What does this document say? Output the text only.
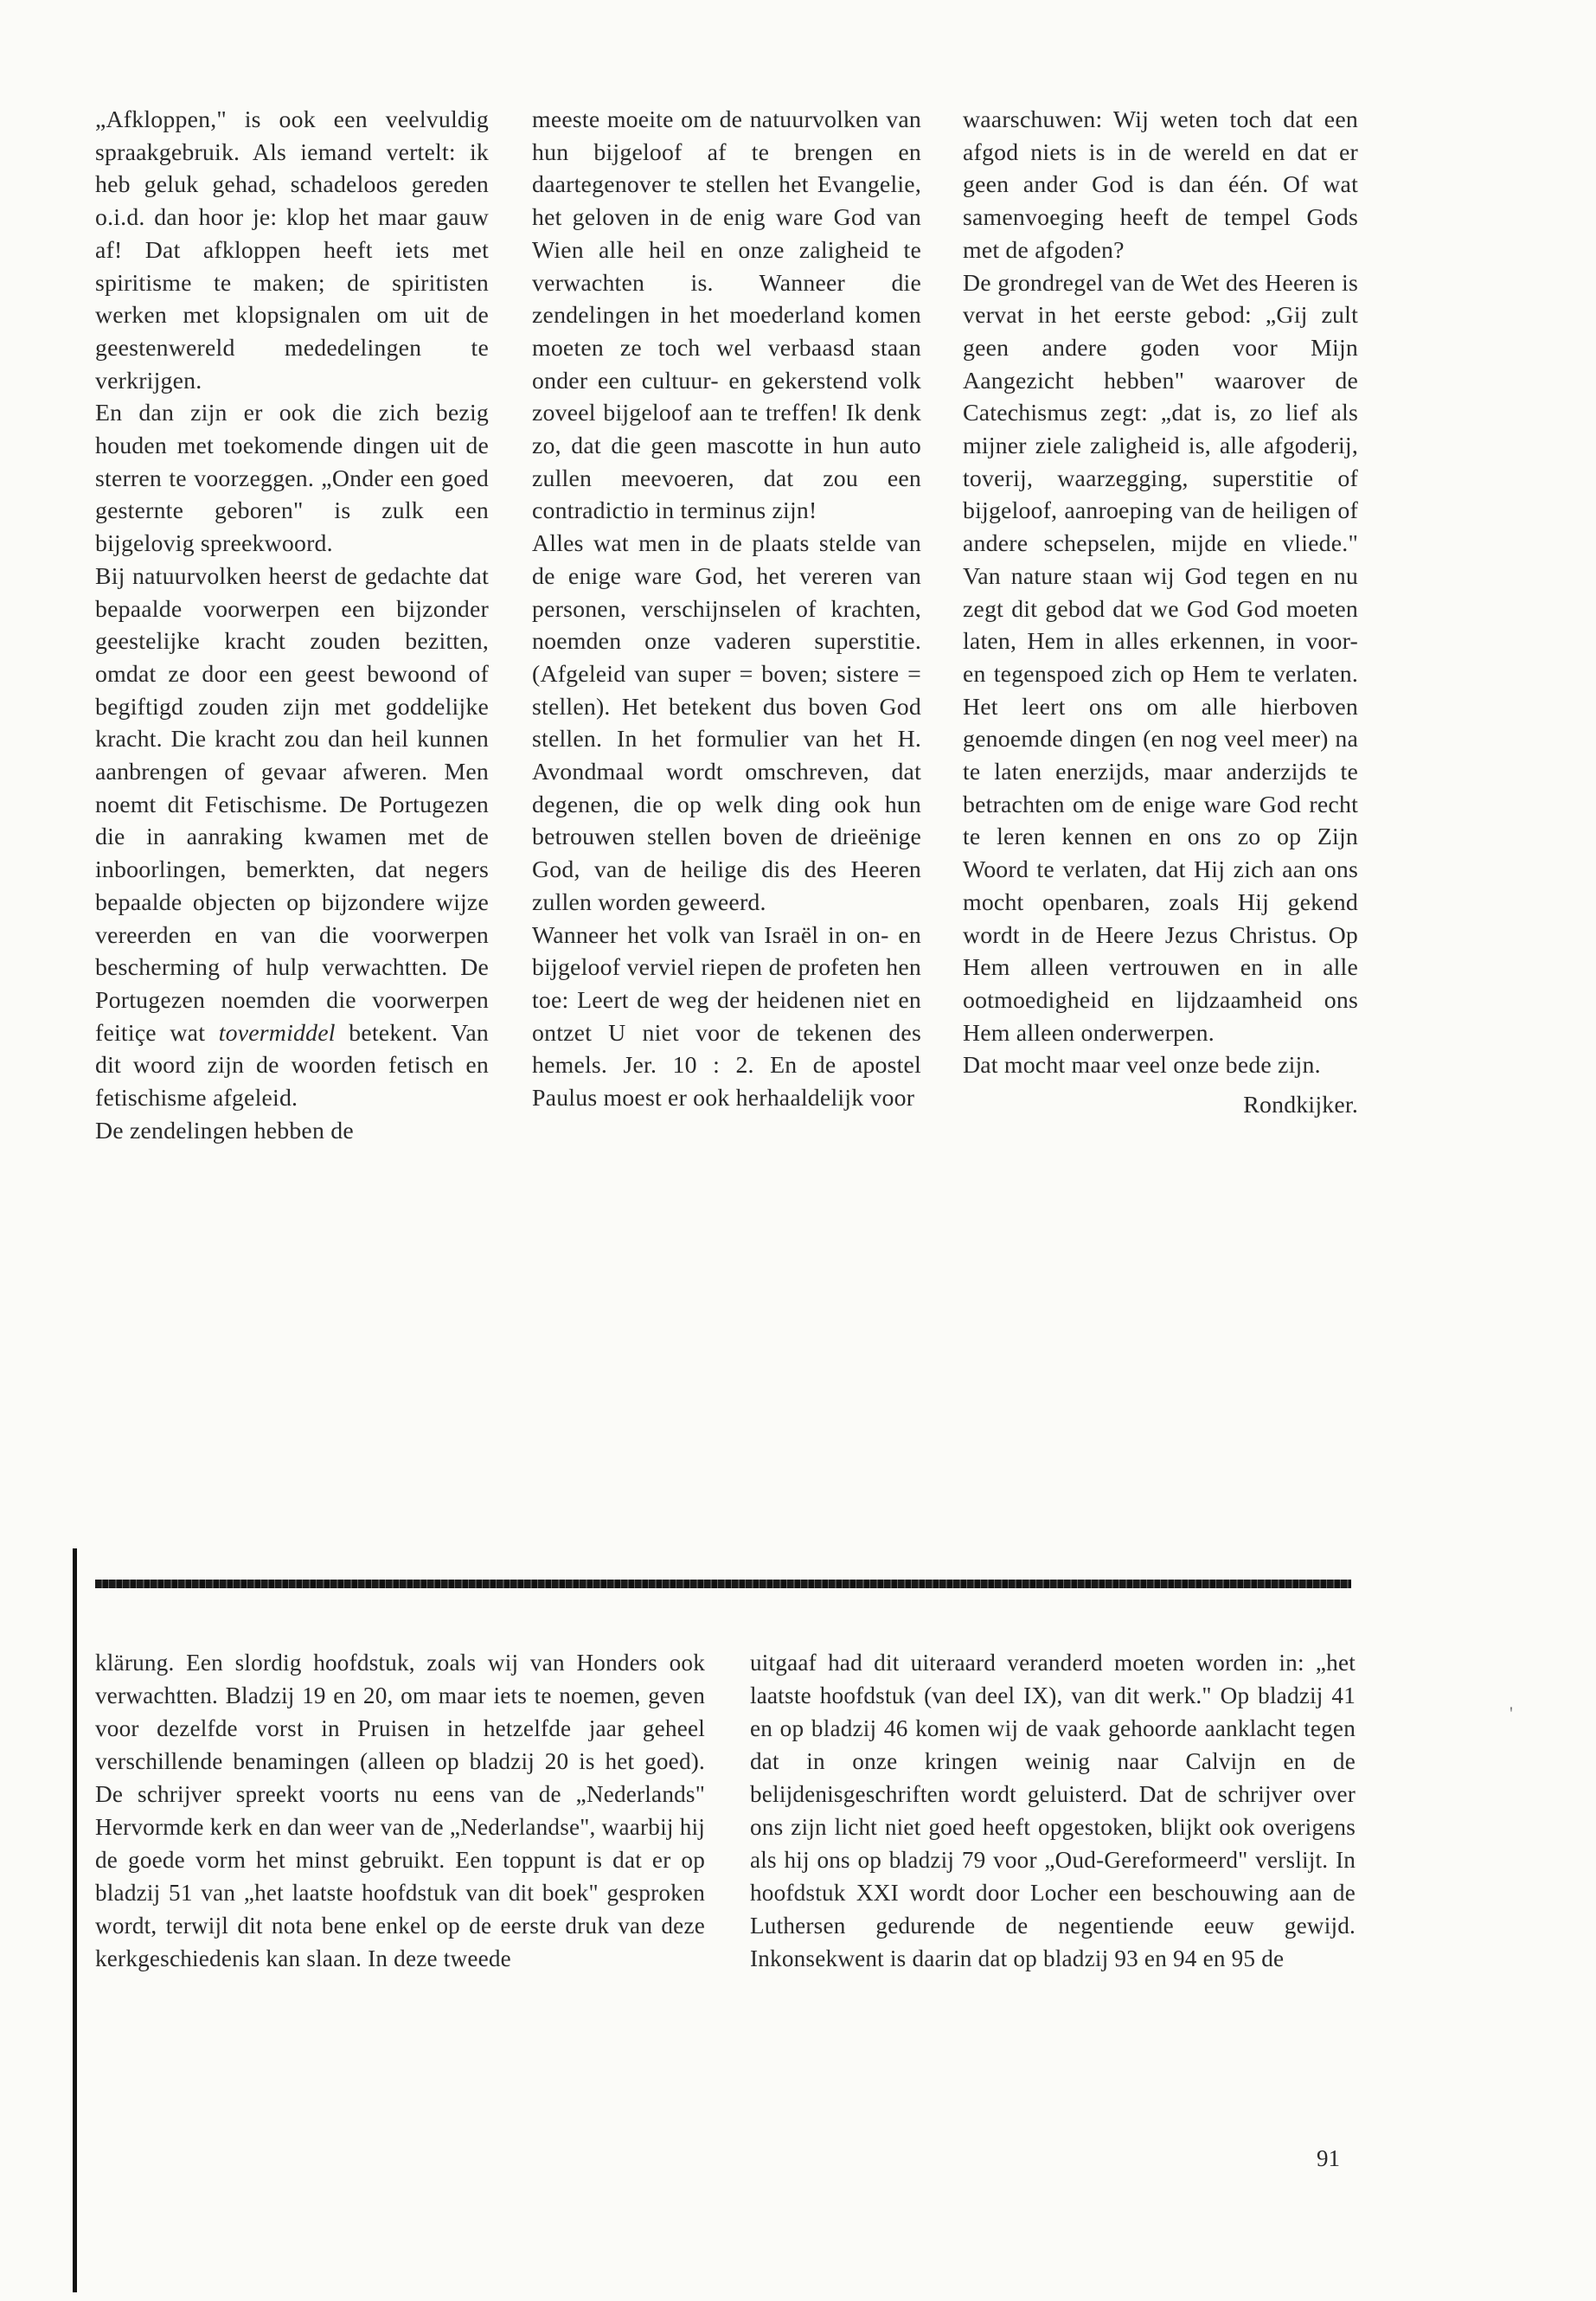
„Afkloppen," is ook een veelvuldig spraakgebruik. Als iemand vertelt: ik heb geluk gehad, schadeloos gereden o.i.d. dan hoor je: klop het maar gauw af! Dat afkloppen heeft iets met spiritisme te maken; de spiritisten werken met klopsignalen om uit de geestenwereld mededelingen te verkrijgen.

En dan zijn er ook die zich bezig houden met toekomende dingen uit de sterren te voorzeggen. „Onder een goed gesternte geboren" is zulk een bijgelovig spreekwoord.

Bij natuurvolken heerst de gedachte dat bepaalde voorwerpen een bijzonder geestelijke kracht zouden bezitten, omdat ze door een geest bewoond of begiftigd zouden zijn met goddelijke kracht. Die kracht zou dan heil kunnen aanbrengen of gevaar afweren. Men noemt dit Fetischisme. De Portugezen die in aanraking kwamen met de inboorlingen, bemerkten, dat negers bepaalde objecten op bijzondere wijze vereerden en van die voorwerpen bescherming of hulp verwachtten. De Portugezen noemden die voorwerpen feitiçe wat tovermiddel betekent. Van dit woord zijn de woorden fetisch en fetischisme afgeleid.

De zendelingen hebben de

meeste moeite om de natuurvolken van hun bijgeloof af te brengen en daartegenover te stellen het Evangelie, het geloven in de enig ware God van Wien alle heil en onze zaligheid te verwachten is. Wanneer die zendelingen in het moederland komen moeten ze toch wel verbaasd staan onder een cultuur- en gekerstend volk zoveel bijgeloof aan te treffen! Ik denk zo, dat die geen mascotte in hun auto zullen meevoeren, dat zou een contradictio in terminus zijn!

Alles wat men in de plaats stelde van de enige ware God, het vereren van personen, verschijnselen of krachten, noemden onze vaderen superstitie. (Afgeleid van super = boven; sistere = stellen). Het betekent dus boven God stellen. In het formulier van het H. Avondmaal wordt omschreven, dat degenen, die op welk ding ook hun betrouwen stellen boven de drieënige God, van de heilige dis des Heeren zullen worden geweerd.

Wanneer het volk van Israël in on- en bijgeloof verviel riepen de profeten hen toe: Leert de weg der heidenen niet en ontzet U niet voor de tekenen des hemels. Jer. 10 : 2. En de apostel Paulus moest er ook herhaaldelijk voor

waarschuwen: Wij weten toch dat een afgod niets is in de wereld en dat er geen ander God is dan één. Of wat samenvoeging heeft de tempel Gods met de afgoden?

De grondregel van de Wet des Heeren is vervat in het eerste gebod: „Gij zult geen andere goden voor Mijn Aangezicht hebben" waarover de Catechismus zegt: „dat is, zo lief als mijner ziele zaligheid is, alle afgoderij, toverij, waarzegging, superstitie of bijgeloof, aanroeping van de heiligen of andere schepselen, mijde en vliede." Van nature staan wij God tegen en nu zegt dit gebod dat we God God moeten laten, Hem in alles erkennen, in voor- en tegenspoed zich op Hem te verlaten. Het leert ons om alle hierboven genoemde dingen (en nog veel meer) na te laten enerzijds, maar anderzijds te betrachten om de enige ware God recht te leren kennen en ons zo op Zijn Woord te verlaten, dat Hij zich aan ons mocht openbaren, zoals Hij gekend wordt in de Heere Jezus Christus. Op Hem alleen vertrouwen en in alle ootmoedigheid en lijdzaamheid ons Hem alleen onderwerpen.

Dat mocht maar veel onze bede zijn.

Rondkijker.

klärung. Een slordig hoofdstuk, zoals wij van Honders ook verwachtten. Bladzij 19 en 20, om maar iets te noemen, geven voor dezelfde vorst in Pruisen in hetzelfde jaar geheel verschillende benamingen (alleen op bladzij 20 is het goed). De schrijver spreekt voorts nu eens van de „Nederlands" Hervormde kerk en dan weer van de „Nederlandse", waarbij hij de goede vorm het minst gebruikt. Een toppunt is dat er op bladzij 51 van „het laatste hoofdstuk van dit boek" gesproken wordt, terwijl dit nota bene enkel op de eerste druk van deze kerkgeschiedenis kan slaan. In deze tweede

uitgaaf had dit uiteraard veranderd moeten worden in: „het laatste hoofdstuk (van deel IX), van dit werk." Op bladzij 41 en op bladzij 46 komen wij de vaak gehoorde aanklacht tegen dat in onze kringen weinig naar Calvijn en de belijdenisgeschriften wordt geluisterd. Dat de schrijver over ons zijn licht niet goed heeft opgestoken, blijkt ook overigens als hij ons op bladzij 79 voor „Oud-Gereformeerd" verslijt. In hoofdstuk XXI wordt door Locher een beschouwing aan de Luthersen gedurende de negentiende eeuw gewijd. Inkonsekwent is daarin dat op bladzij 93 en 94 en 95 de

'
91
